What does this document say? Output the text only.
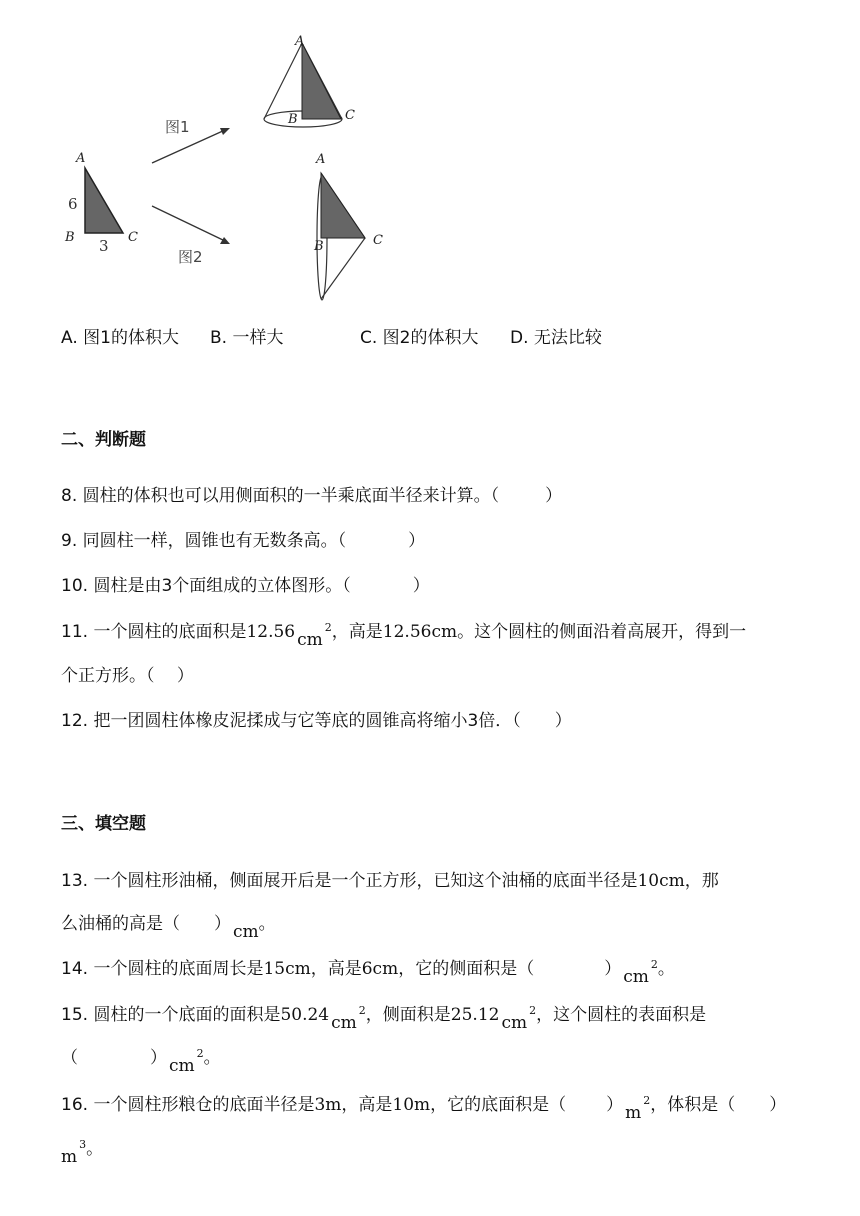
A
B	C
6
3
图1
图2
A
B	C
A
B	C
A. 图1的体积大 B. 一样大	C. 图2的体积大 D. 无法比较
二、判断题
8. 圆柱的体积也可以用侧面积的一半乘底面半径来计算。（	）
9. 同圆柱一样，圆锥也有无数条高。（	）
10. 圆柱是由3个面组成的立体图形。（	）
11. 一个圆柱的底面积是12.56 $cm^2$，高是12.56cm。这个圆柱的侧面沿着高展开，得到一
个正方形。（　 ）
12. 把一团圆柱体橡皮泥揉成与它等底的圆锥高将缩小3倍．（　　）
三、填空题
13. 一个圆柱形油桶，侧面展开后是一个正方形，已知这个油桶的底面半径是10cm，那
么油桶的高是（　　） cm。
14. 一个圆柱的底面周长是15cm，高是6cm，它的侧面积是（	） $cm^2$。
15. 圆柱的一个底面的面积是50.24 $cm^2$，侧面积是25.12 $cm^2$，这个圆柱的表面积是
（	） $cm^2$。
16. 一个圆柱形粮仓的底面半径是3m，高是10m，它的底面积是（ ） $m^2$，体积是（ ）
$m^3$。
